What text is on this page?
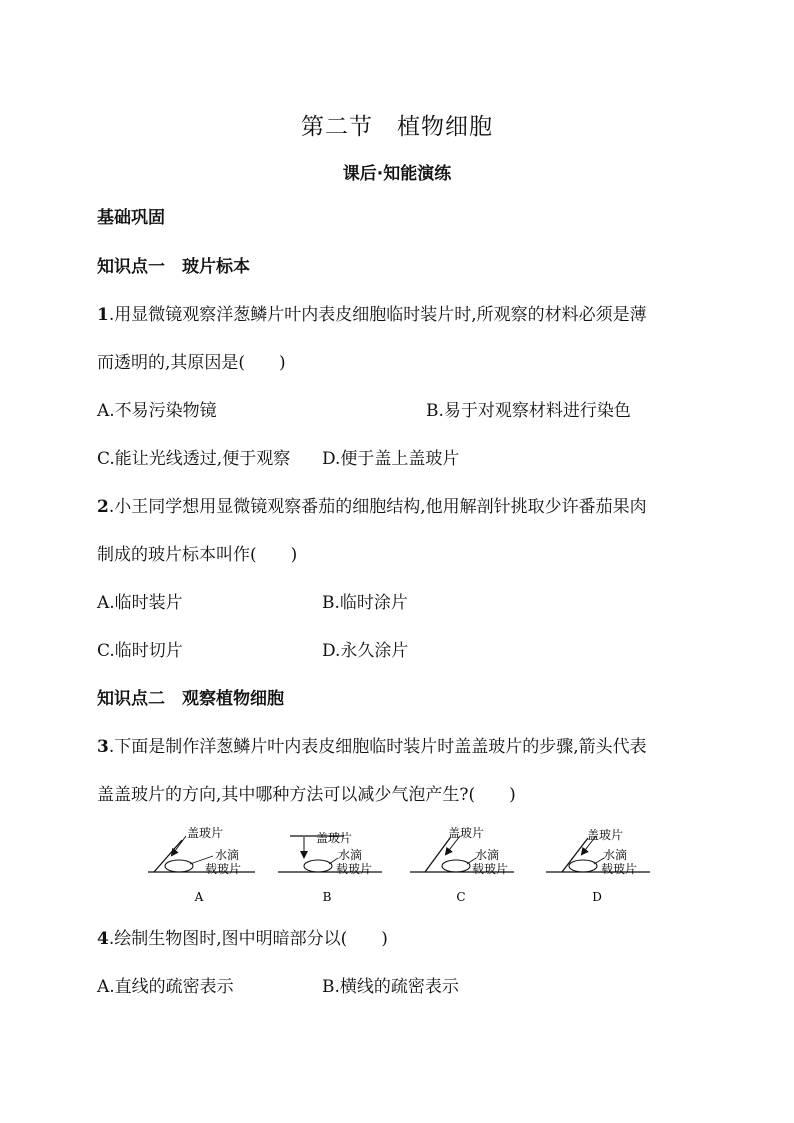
第二节　植物细胞
课后·知能演练
基础巩固
知识点一　玻片标本
1.用显微镜观察洋葱鳞片叶内表皮细胞临时装片时,所观察的材料必须是薄
而透明的,其原因是(　　)
A.不易污染物镜	B.易于对观察材料进行染色
C.能让光线透过,便于观察 D.便于盖上盖玻片
2.小王同学想用显微镜观察番茄的细胞结构,他用解剖针挑取少许番茄果肉
制成的玻片标本叫作(　　)
A.临时装片	B.临时涂片
C.临时切片	D.永久涂片
知识点二　观察植物细胞
3.下面是制作洋葱鳞片叶内表皮细胞临时装片时盖盖玻片的步骤,箭头代表
盖盖玻片的方向,其中哪种方法可以减少气泡产生?(　　)
盖玻片
水滴
载玻片
A
盖玻片
水滴
载玻片
B
盖玻片
水滴
载玻片
C
盖玻片
水滴
载玻片
D
4.绘制生物图时,图中明暗部分以(　　)
A.直线的疏密表示	B.横线的疏密表示
